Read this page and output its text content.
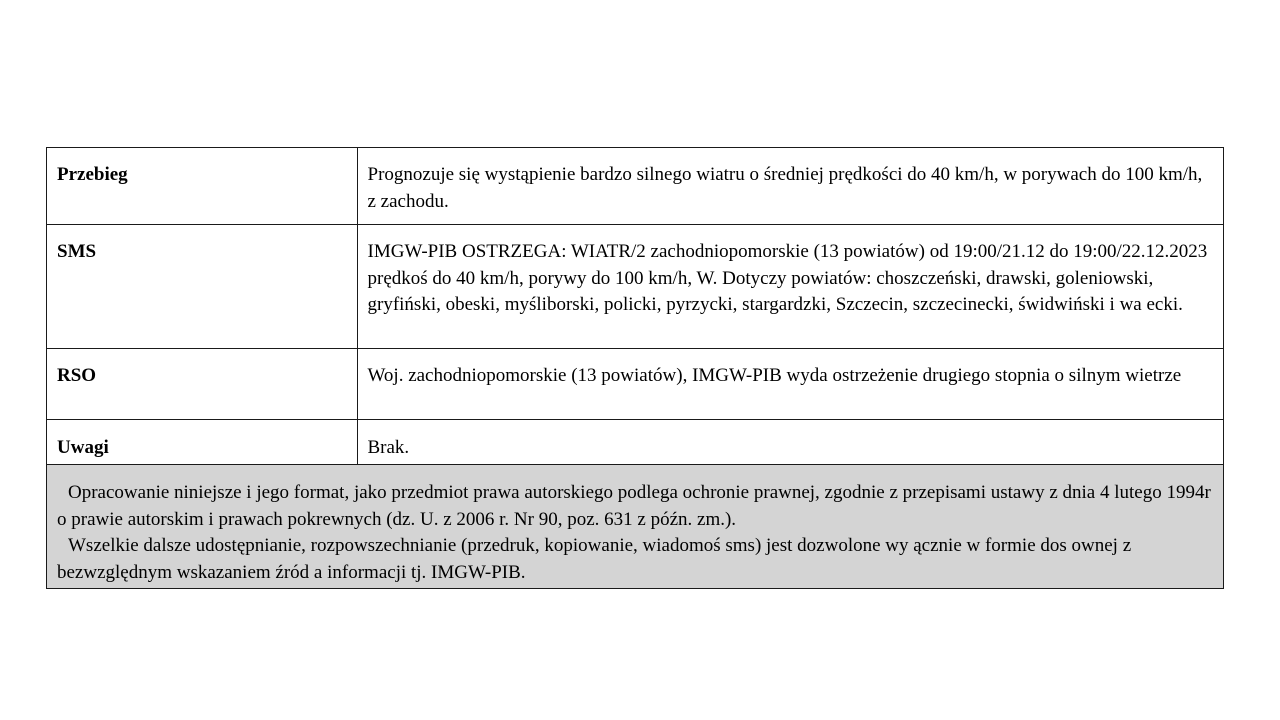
Przebieg	Prognozuje się wystąpienie bardzo silnego wiatru o średniej prędkości do 40 km/h, w porywach do 100 km/h, z zachodu.
SMS	IMGW-PIB OSTRZEGA: WIATR/2 zachodniopomorskie (13 powiatów) od 19:00/21.12 do 19:00/22.12.2023 prędkoś do 40 km/h, porywy do 100 km/h, W. Dotyczy powiatów: choszczeński, drawski, goleniowski, gryfiński, obeski, myśliborski, policki, pyrzycki, stargardzki, Szczecin, szczecinecki, świdwiński i wa ecki.
RSO	Woj. zachodniopomorskie (13 powiatów), IMGW-PIB wyda ostrzeżenie drugiego stopnia o silnym wietrze
Uwagi	Brak.

Opracowanie niniejsze i jego format, jako przedmiot prawa autorskiego podlega ochronie prawnej, zgodnie z przepisami ustawy z dnia 4 lutego 1994r o prawie autorskim i prawach pokrewnych (dz. U. z 2006 r. Nr 90, poz. 631 z późn. zm.).

Wszelkie dalsze udostępnianie, rozpowszechnianie (przedruk, kopiowanie, wiadomoś sms) jest dozwolone wy ącznie w formie dos ownej z bezwzględnym wskazaniem źród a informacji tj. IMGW-PIB.
